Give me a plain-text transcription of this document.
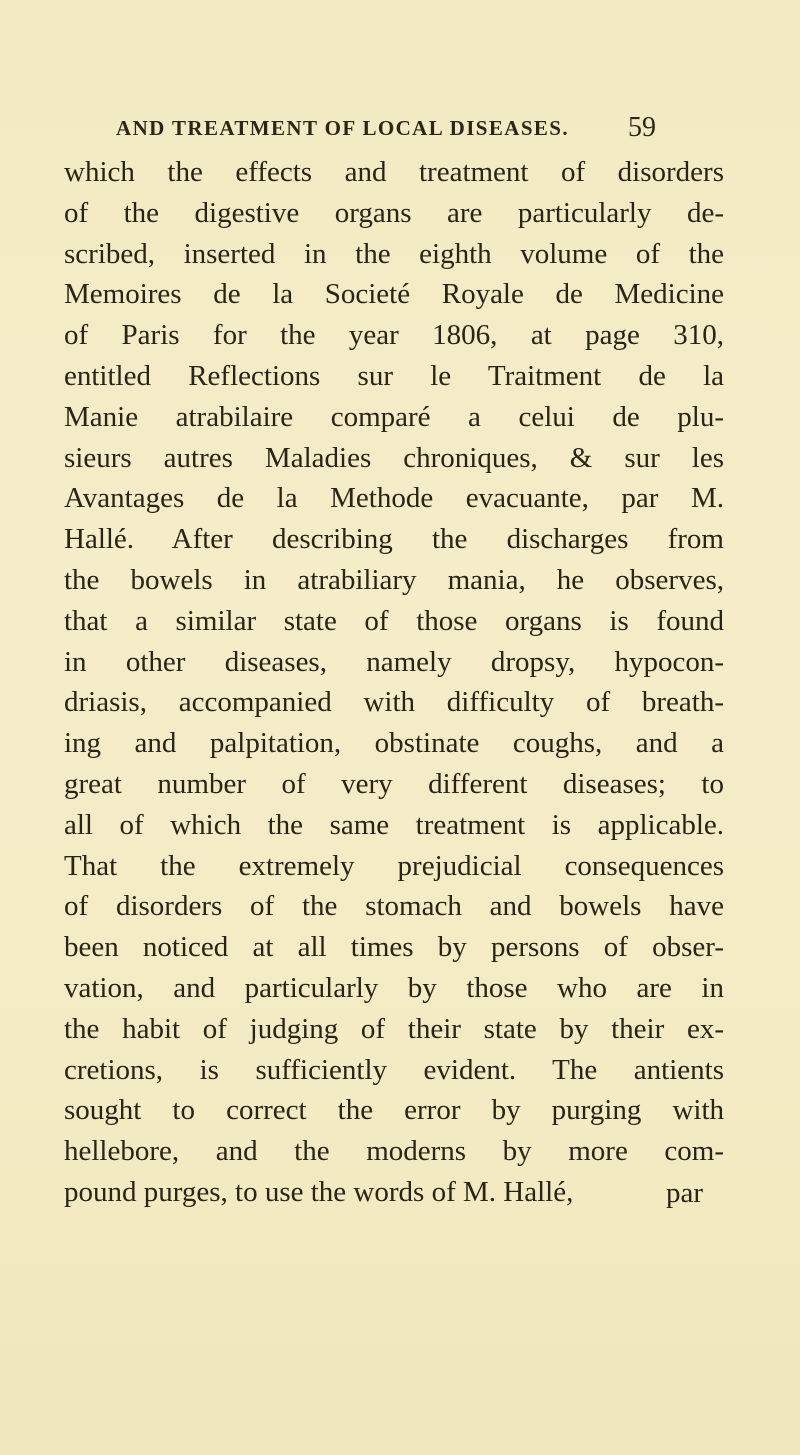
AND TREATMENT OF LOCAL DISEASES. 59
which the effects and treatment of disorders
of the digestive organs are particularly de-
scribed, inserted in the eighth volume of the
Memoires de la Societé Royale de Medicine
of Paris for the year 1806, at page 310,
entitled Reflections sur le Traitment de la
Manie atrabilaire comparé a celui de plu-
sieurs autres Maladies chroniques, & sur les
Avantages de la Methode evacuante, par M.
Hallé. After describing the discharges from
the bowels in atrabiliary mania, he observes,
that a similar state of those organs is found
in other diseases, namely dropsy, hypocon-
driasis, accompanied with difficulty of breath-
ing and palpitation, obstinate coughs, and a
great number of very different diseases; to
all of which the same treatment is applicable.
That the extremely prejudicial consequences
of disorders of the stomach and bowels have
been noticed at all times by persons of obser-
vation, and particularly by those who are in
the habit of judging of their state by their ex-
cretions, is sufficiently evident. The antients
sought to correct the error by purging with
hellebore, and the moderns by more com-
pound purges, to use the words of M. Hallé,	par
